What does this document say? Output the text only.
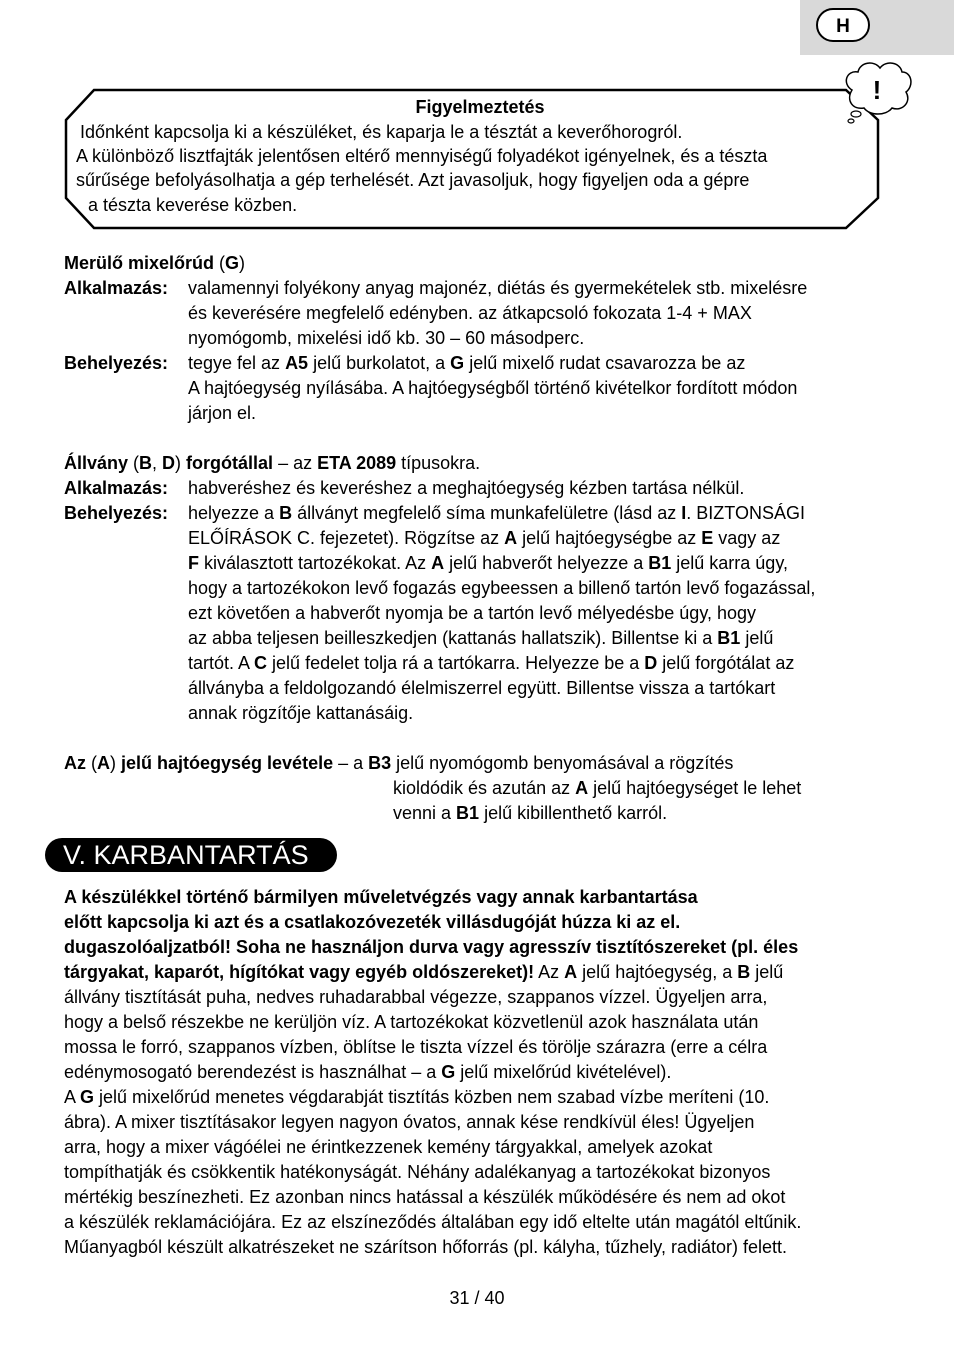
H
!
Figyelmeztetés
Időnként kapcsolja ki a készüléket, és kaparja le a tésztát a keverőhorogról.
A különböző lisztfajták jelentősen eltérő mennyiségű folyadékot igényelnek, és a tészta
sűrűsége befolyásolhatja a gép terhelését. Azt javasoljuk, hogy figyeljen oda a gépre
a tészta keverése közben.
Merülő mixelőrúd (G)
Alkalmazás: valamennyi folyékony anyag majonéz, diétás és gyermekételek stb. mixelésre
és keverésére megfelelő edényben. az átkapcsoló fokozata 1-4 + MAX
nyomógomb, mixelési idő kb. 30 – 60 másodperc.
Behelyezés: tegye fel az A5 jelű burkolatot, a G jelű mixelő rudat csavarozza be az
A hajtóegység nyílásába. A hajtóegységből történő kivételkor fordított módon
járjon el.
Állvány (B, D) forgótállal – az ETA 2089 típusokra.
Alkalmazás: habveréshez és keveréshez a meghajtóegység kézben tartása nélkül.
Behelyezés: helyezze a B állványt megfelelő síma munkafelületre (lásd az I. BIZTONSÁGI
ELŐÍRÁSOK C. fejezetet). Rögzítse az A jelű hajtóegységbe az E vagy az
F kiválasztott tartozékokat. Az A jelű habverőt helyezze a B1 jelű karra úgy,
hogy a tartozékokon levő fogazás egybeessen a billenő tartón levő fogazással,
ezt követően a habverőt nyomja be a tartón levő mélyedésbe úgy, hogy
az abba teljesen beilleszkedjen (kattanás hallatszik). Billentse ki a B1 jelű
tartót. A C jelű fedelet tolja rá a tartókarra. Helyezze be a D jelű forgótálat az
állványba a feldolgozandó élelmiszerrel együtt. Billentse vissza a tartókart
annak rögzítője kattanásáig.
Az (A) jelű hajtóegység levétele – a B3 jelű nyomógomb benyomásával a rögzítés
kioldódik és azután az A jelű hajtóegységet le lehet
venni a B1 jelű kibillenthető karról.
V. KARBANTARTÁS
A készülékkel történő bármilyen műveletvégzés vagy annak karbantartása
előtt kapcsolja ki azt és a csatlakozóvezeték villásdugóját húzza ki az el.
dugaszolóaljzatból! Soha ne használjon durva vagy agresszív tisztítószereket (pl. éles
tárgyakat, kaparót, hígítókat vagy egyéb oldószereket)! Az A jelű hajtóegység, a B jelű
állvány tisztítását puha, nedves ruhadarabbal végezze, szappanos vízzel. Ügyeljen arra,
hogy a belső részekbe ne kerüljön víz. A tartozékokat közvetlenül azok használata után
mossa le forró, szappanos vízben, öblítse le tiszta vízzel és törölje szárazra (erre a célra
edénymosogató berendezést is használhat – a G jelű mixelőrúd kivételével).
A G jelű mixelőrúd menetes végdarabját tisztítás közben nem szabad vízbe meríteni (10.
ábra). A mixer tisztításakor legyen nagyon óvatos, annak kése rendkívül éles! Ügyeljen
arra, hogy a mixer vágóélei ne érintkezzenek kemény tárgyakkal, amelyek azokat
tompíthatják és csökkentik hatékonyságát. Néhány adalékanyag a tartozékokat bizonyos
mértékig beszínezheti. Ez azonban nincs hatással a készülék működésére és nem ad okot
a készülék reklamációjára. Ez az elszíneződés általában egy idő eltelte után magától eltűnik.
Műanyagból készült alkatrészeket ne szárítson hőforrás (pl. kályha, tűzhely, radiátor) felett.
31 / 40
